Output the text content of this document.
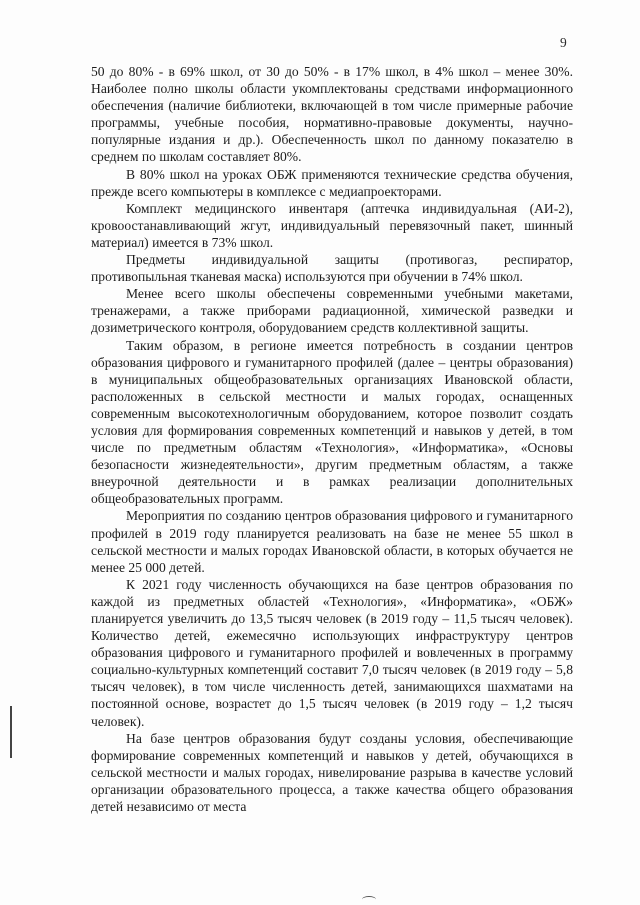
9

50 до 80% - в 69% школ, от 30 до 50% - в 17% школ, в 4% школ – менее 30%. Наиболее полно школы области укомплектованы средствами информационного обеспечения (наличие библиотеки, включающей в том числе примерные рабочие программы, учебные пособия, нормативно-правовые документы, научно-популярные издания и др.). Обеспеченность школ по данному показателю в среднем по школам составляет 80%.

В 80% школ на уроках ОБЖ применяются технические средства обучения, прежде всего компьютеры в комплексе с медиапроекторами.

Комплект медицинского инвентаря (аптечка индивидуальная (АИ-2), кровоостанавливающий жгут, индивидуальный перевязочный пакет, шинный материал) имеется в 73% школ.

Предметы индивидуальной защиты (противогаз, респиратор, противопыльная тканевая маска) используются при обучении в 74% школ.

Менее всего школы обеспечены современными учебными макетами, тренажерами, а также приборами радиационной, химической разведки и дозиметрического контроля, оборудованием средств коллективной защиты.

Таким образом, в регионе имеется потребность в создании центров образования цифрового и гуманитарного профилей (далее – центры образования) в муниципальных общеобразовательных организациях Ивановской области, расположенных в сельской местности и малых городах, оснащенных современным высокотехнологичным оборудованием, которое позволит создать условия для формирования современных компетенций и навыков у детей, в том числе по предметным областям «Технология», «Информатика», «Основы безопасности жизнедеятельности», другим предметным областям, а также внеурочной деятельности и в рамках реализации дополнительных общеобразовательных программ.

Мероприятия по созданию центров образования цифрового и гуманитарного профилей в 2019 году планируется реализовать на базе не менее 55 школ в сельской местности и малых городах Ивановской области, в которых обучается не менее 25 000 детей.

К 2021 году численность обучающихся на базе центров образования по каждой из предметных областей «Технология», «Информатика», «ОБЖ» планируется увеличить до 13,5 тысяч человек (в 2019 году – 11,5 тысяч человек). Количество детей, ежемесячно использующих инфраструктуру центров образования цифрового и гуманитарного профилей и вовлеченных в программу социально-культурных компетенций составит 7,0 тысяч человек (в 2019 году – 5,8 тысяч человек), в том числе численность детей, занимающихся шахматами на постоянной основе, возрастет до 1,5 тысяч человек (в 2019 году – 1,2 тысяч человек).

На базе центров образования будут созданы условия, обеспечивающие формирование современных компетенций и навыков у детей, обучающихся в сельской местности и малых городах, нивелирование разрыва в качестве условий организации образовательного процесса, а также качества общего образования детей независимо от места
